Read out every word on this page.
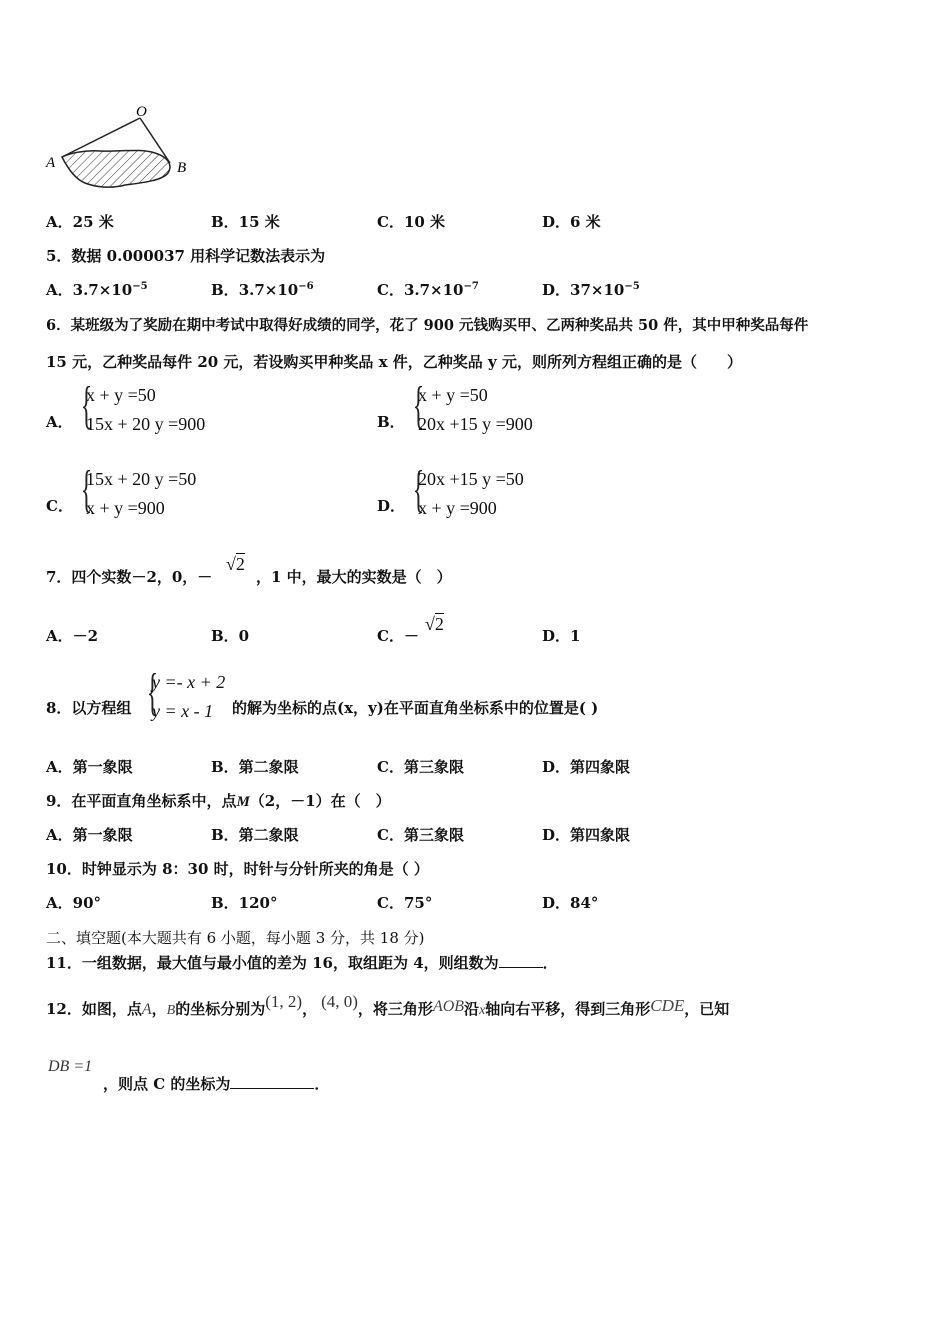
O
A	B
A．25 米	B．15 米	C．10 米	D．6 米
5．数据 0.000037 用科学记数法表示为
A．$3.7\times 10^{-5}$	B．$3.7\times 10^{-6}$	C．$3.7\times 10^{-7}$	D．$37\times 10^{-5}$
6．某班级为了奖励在期中考试中取得好成绩的同学，花了 900 元钱购买甲、乙两种奖品共 50 件，其中甲种奖品每件
15 元，乙种奖品每件 20 元，若设购买甲种奖品 x 件，乙种奖品 y 元，则所列方程组正确的是（　　）
A． {
x + y =50
15x + 20 y =900	B． {
x + y =50
20x +15 y =900
C． {
15x + 20 y =50
x + y =900	D． {
20x +15 y =50
x + y =900
7．四个实数－2，0，－
√2
，1 中，最大的实数是（　）
A．－2	B．0	C．－
√2
D．1
8．以方程组 {
y =- x + 2
y = x - 1	的解为坐标的点(x，y)在平面直角坐标系中的位置是( )
A．第一象限	B．第二象限	C．第三象限	D．第四象限
9．在平面直角坐标系中，点M（2，－1）在（　）
A．第一象限	B．第二象限	C．第三象限	D．第四象限
10．时钟显示为 8：30 时，时针与分针所夹的角是（ ）
A．90°	B．120°	C．75°	D．84°
二、填空题(本大题共有 6 小题，每小题 3 分，共 18 分)
11．一组数据，最大值与最小值的差为 16，取组距为 4，则组数为	．
12．如图，点A，B的坐标分别为(1, 2)， (4, 0)，将三角形AOB沿x轴向右平移，得到三角形CDE，已知
DB =1
，则点 C 的坐标为	．
